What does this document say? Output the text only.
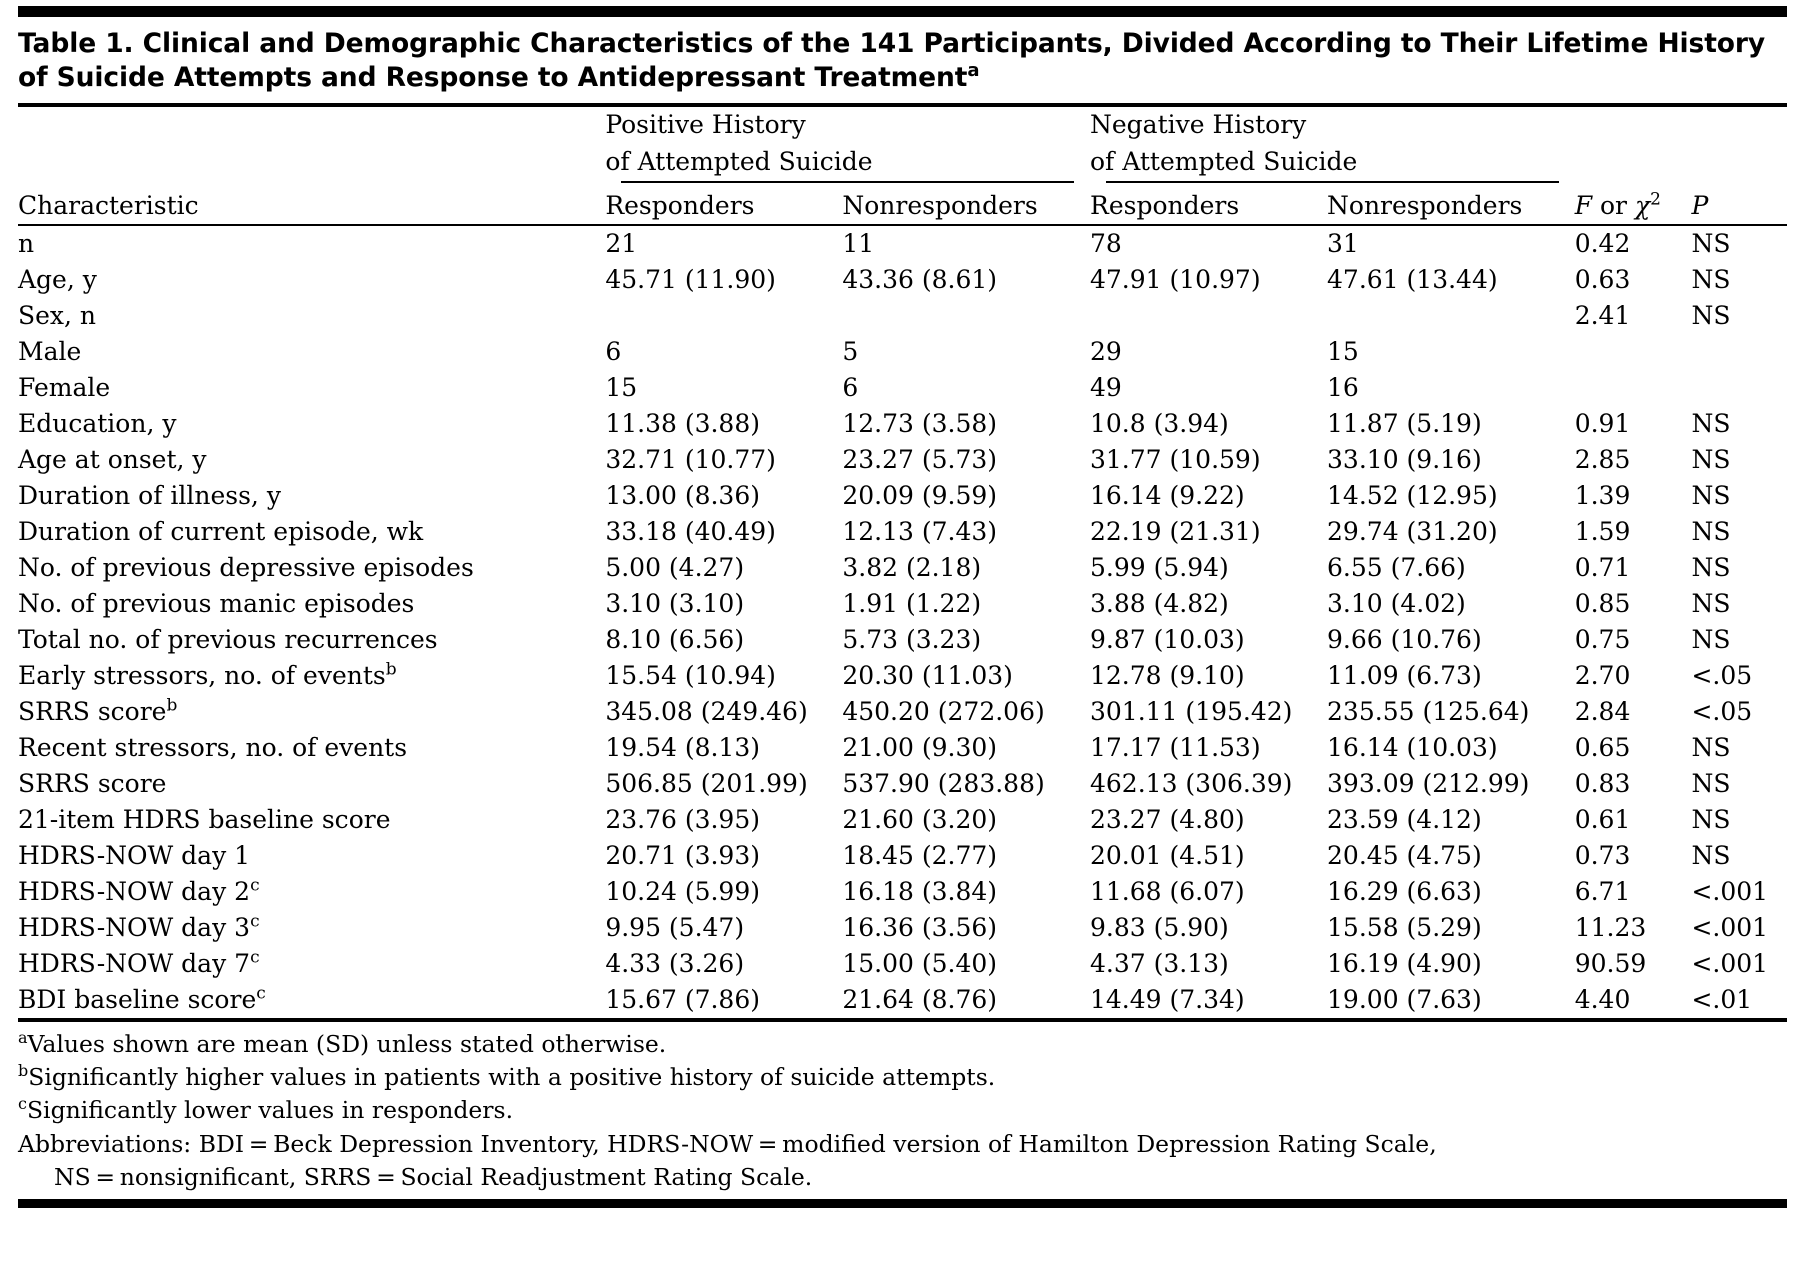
Table 1. Clinical and Demographic Characteristics of the 141 Participants, Divided According to Their Lifetime History of Suicide Attempts and Response to Antidepressant Treatment$^a$
	Positive History		Negative History			
	of Attempted Suicide		of Attempted Suicide			

Characteristic	Responders	Nonresponders	Responders	Nonresponders	F or $\chi^2$	P
n	21	11	78	31	0.42	NS
Age, y	45.71 (11.90)	43.36 (8.61)	47.91 (10.97)	47.61 (13.44)	0.63	NS
Sex, n					2.41	NS
Male	6	5	29	15		
Female	15	6	49	16		
Education, y	11.38 (3.88)	12.73 (3.58)	10.8 (3.94)	11.87 (5.19)	0.91	NS
Age at onset, y	32.71 (10.77)	23.27 (5.73)	31.77 (10.59)	33.10 (9.16)	2.85	NS
Duration of illness, y	13.00 (8.36)	20.09 (9.59)	16.14 (9.22)	14.52 (12.95)	1.39	NS
Duration of current episode, wk	33.18 (40.49)	12.13 (7.43)	22.19 (21.31)	29.74 (31.20)	1.59	NS
No. of previous depressive episodes	5.00 (4.27)	3.82 (2.18)	5.99 (5.94)	6.55 (7.66)	0.71	NS
No. of previous manic episodes	3.10 (3.10)	1.91 (1.22)	3.88 (4.82)	3.10 (4.02)	0.85	NS
Total no. of previous recurrences	8.10 (6.56)	5.73 (3.23)	9.87 (10.03)	9.66 (10.76)	0.75	NS
Early stressors, no. of events$^b$	15.54 (10.94)	20.30 (11.03)	12.78 (9.10)	11.09 (6.73)	2.70	<.05
SRRS score$^b$	345.08 (249.46)	450.20 (272.06)	301.11 (195.42)	235.55 (125.64)	2.84	<.05
Recent stressors, no. of events	19.54 (8.13)	21.00 (9.30)	17.17 (11.53)	16.14 (10.03)	0.65	NS
SRRS score	506.85 (201.99)	537.90 (283.88)	462.13 (306.39)	393.09 (212.99)	0.83	NS
21-item HDRS baseline score	23.76 (3.95)	21.60 (3.20)	23.27 (4.80)	23.59 (4.12)	0.61	NS
HDRS-NOW day 1	20.71 (3.93)	18.45 (2.77)	20.01 (4.51)	20.45 (4.75)	0.73	NS
HDRS-NOW day 2$^c$	10.24 (5.99)	16.18 (3.84)	11.68 (6.07)	16.29 (6.63)	6.71	<.001
HDRS-NOW day 3$^c$	9.95 (5.47)	16.36 (3.56)	9.83 (5.90)	15.58 (5.29)	11.23	<.001
HDRS-NOW day 7$^c$	4.33 (3.26)	15.00 (5.40)	4.37 (3.13)	16.19 (4.90)	90.59	<.001
BDI baseline score$^c$	15.67 (7.86)	21.64 (8.76)	14.49 (7.34)	19.00 (7.63)	4.40	<.01
$^a$Values shown are mean (SD) unless stated otherwise.
$^b$Significantly higher values in patients with a positive history of suicide attempts.
$^c$Significantly lower values in responders.
Abbreviations: BDI = Beck Depression Inventory, HDRS-NOW = modified version of Hamilton Depression Rating Scale,
NS = nonsignificant, SRRS = Social Readjustment Rating Scale.
